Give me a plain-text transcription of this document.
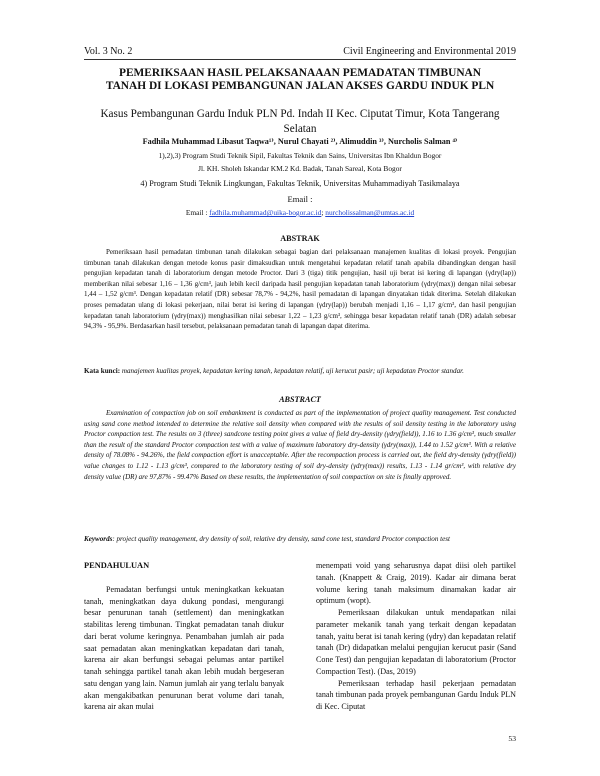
Vol. 3 No. 2	Civil Engineering and Environmental 2019
PEMERIKSAAN HASIL PELAKSANAAAN PEMADATAN TIMBUNAN
TANAH DI LOKASI PEMBANGUNAN JALAN AKSES GARDU INDUK PLN
Kasus Pembangunan Gardu Induk PLN Pd. Indah II Kec. Ciputat Timur, Kota Tangerang Selatan
Fadhila Muhammad Libasut Taqwa¹⁾, Nurul Chayati ²⁾, Alimuddin ³⁾, Nurcholis Salman ⁴⁾
1),2),3) Program Studi Teknik Sipil, Fakultas Teknik dan Sains, Universitas Ibn Khaldun Bogor
Jl. KH. Sholeh Iskandar KM.2 Kd. Badak, Tanah Sareal, Kota Bogor
4) Program Studi Teknik Lingkungan, Fakultas Teknik, Universitas Muhammadiyah Tasikmalaya
Email :
Email : fadhila.muhammad@uika-bogor.ac.id; nurcholissalman@umtas.ac.id
ABSTRAK
Pemeriksaan hasil pemadatan timbunan tanah dilakukan sebagai bagian dari pelaksanaan manajemen kualitas di lokasi proyek. Pengujian timbunan tanah dilakukan dengan metode konus pasir dimaksudkan untuk mengetahui kepadatan relatif tanah apabila dibandingkan dengan hasil pengujian kepadatan tanah di laboratorium dengan metode Proctor. Dari 3 (tiga) titik pengujian, hasil uji berat isi kering di lapangan (γdry(lap)) memberikan nilai sebesar 1,16 – 1,36 g/cm³, jauh lebih kecil daripada hasil pengujian kepadatan tanah laboratorium (γdry(max)) dengan nilai sebesar 1,44 – 1,52 g/cm³. Dengan kepadatan relatif (DR) sebesar 78,7% - 94,2%, hasil pemadatan di lapangan dinyatakan tidak diterima. Setelah dilakukan proses pemadatan ulang di lokasi pekerjaan, nilai berat isi kering di lapangan (γdry(lap)) berubah menjadi 1,16 – 1,17 g/cm³, dan hasil pengujian kepadatan tanah laboratorium (γdry(max)) menghasilkan nilai sebesar 1,22 – 1,23 g/cm³, sehingga besar kepadatan relatif tanah (DR) adalah sebesar 94,3% - 95,9%. Berdasarkan hasil tersebut, pelaksanaan pemadatan tanah di lapangan dapat diterima.
Kata kunci: manajemen kualitas proyek, kepadatan kering tanah, kepadatan relatif, uji kerucut pasir; uji kepadatan Proctor standar.
ABSTRACT
Examination of compaction job on soil embankment is conducted as part of the implementation of project quality management. Test conducted using sand cone method intended to determine the relative soil density when compared with the results of soil density testing in the laboratory using Proctor compaction test. The results on 3 (three) sandcone testing point gives a value of field dry-density (γdry(field)), 1.16 to 1.36 g/cm³, much smaller than the result of the standard Proctor compaction test with a value of maximum laboratory dry-density (γdry(max)), 1.44 to 1.52 g/cm³. With a relative density of 78.08% - 94.26%, the field compaction effort is unacceptable. After the recompaction process is carried out, the field dry-density (γdry(field)) value changes to 1.12 - 1.13 g/cm³, compared to the laboratory testing of soil dry-density (γdry(max)) results, 1.13 - 1.14 gr/cm³, with relative dry density value (DR) are 97,87% - 99.47% Based on these results, the implementation of soil compaction on site is finally approved.
Keywords: project quality management, dry density of soil, relative dry density, sand cone test, standard Proctor compaction test
PENDAHULUAN

Pemadatan berfungsi untuk meningkatkan kekuatan tanah, meningkatkan daya dukung pondasi, mengurangi besar penurunan tanah (settlement) dan meningkatkan stabilitas lereng timbunan. Tingkat pemadatan tanah diukur dari berat volume keringnya. Penambahan jumlah air pada saat pemadatan akan meningkatkan kepadatan dari tanah, karena air akan berfungsi sebagai pelumas antar partikel tanah sehingga partikel tanah akan lebih mudah bergeseran satu dengan yang lain. Namun jumlah air yang terlalu banyak akan mengakibatkan penurunan berat volume dari tanah, karena air akan mulai

menempati void yang seharusnya dapat diisi oleh partikel tanah. (Knappett & Craig, 2019). Kadar air dimana berat volume kering tanah maksimum dinamakan kadar air optimum (wopt).

Pemeriksaan dilakukan untuk mendapatkan nilai parameter mekanik tanah yang terkait dengan kepadatan tanah, yaitu berat isi tanah kering (γdry) dan kepadatan relatif tanah (Dr) didapatkan melalui pengujian kerucut pasir (Sand Cone Test) dan pengujian kepadatan di laboratorium (Proctor Compaction Test). (Das, 2019)

Pemeriksaan terhadap hasil pekerjaan pemadatan tanah timbunan pada proyek pembangunan Gardu Induk PLN di Kec. Ciputat

53
